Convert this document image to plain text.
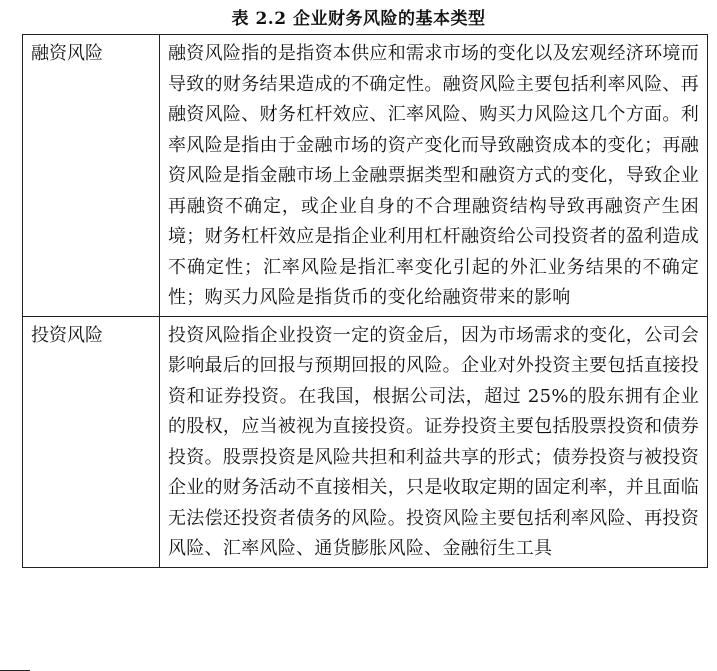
表 2.2 企业财务风险的基本类型
融资风险	融资风险指的是指资本供应和需求市场的变化以及宏观经济环境而导致的财务结果造成的不确定性。融资风险主要包括利率风险、再融资风险、财务杠杆效应、汇率风险、购买力风险这几个方面。利率风险是指由于金融市场的资产变化而导致融资成本的变化；再融资风险是指金融市场上金融票据类型和融资方式的变化，导致企业再融资不确定，或企业自身的不合理融资结构导致再融资产生困境；财务杠杆效应是指企业利用杠杆融资给公司投资者的盈利造成不确定性；汇率风险是指汇率变化引起的外汇业务结果的不确定性；购买力风险是指货币的变化给融资带来的影响
投资风险	投资风险指企业投资一定的资金后，因为市场需求的变化，公司会影响最后的回报与预期回报的风险。企业对外投资主要包括直接投资和证券投资。在我国，根据公司法，超过 25%的股东拥有企业的股权，应当被视为直接投资。证券投资主要包括股票投资和债券投资。股票投资是风险共担和利益共享的形式；债券投资与被投资企业的财务活动不直接相关，只是收取定期的固定利率，并且面临无法偿还投资者债务的风险。投资风险主要包括利率风险、再投资风险、汇率风险、通货膨胀风险、金融衍生工具
